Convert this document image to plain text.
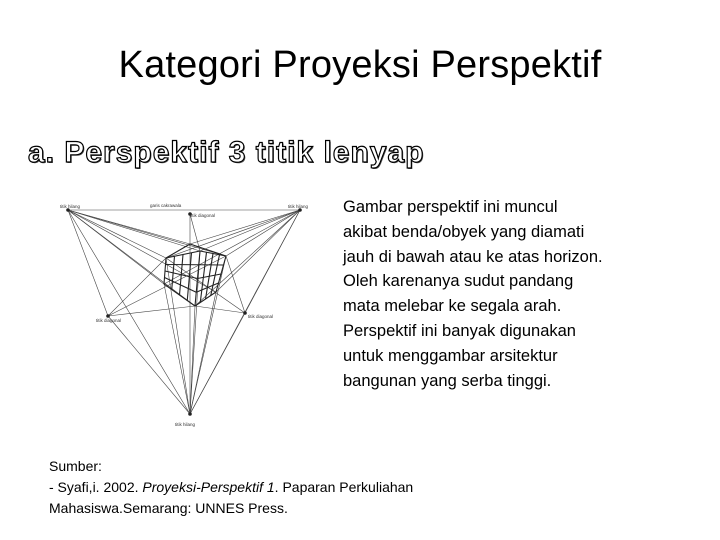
Kategori Proyeksi Perspektif
a. Perspektif 3 titik lenyap
titik hilang	garis cakrawala	titik hilang
titik diagonal
titik diagonal
titik diagonal
titik hilang

Gambar perspektif ini muncul

akibat benda/obyek yang diamati

jauh di bawah atau ke atas horizon.

Oleh karenanya sudut pandang

mata melebar ke segala arah.

Perspektif ini banyak digunakan

untuk menggambar arsitektur

bangunan yang serba tinggi.

Sumber:
- Syafi,i. 2002. Proyeksi-Perspektif 1. Paparan Perkuliahan
Mahasiswa.Semarang: UNNES Press.
